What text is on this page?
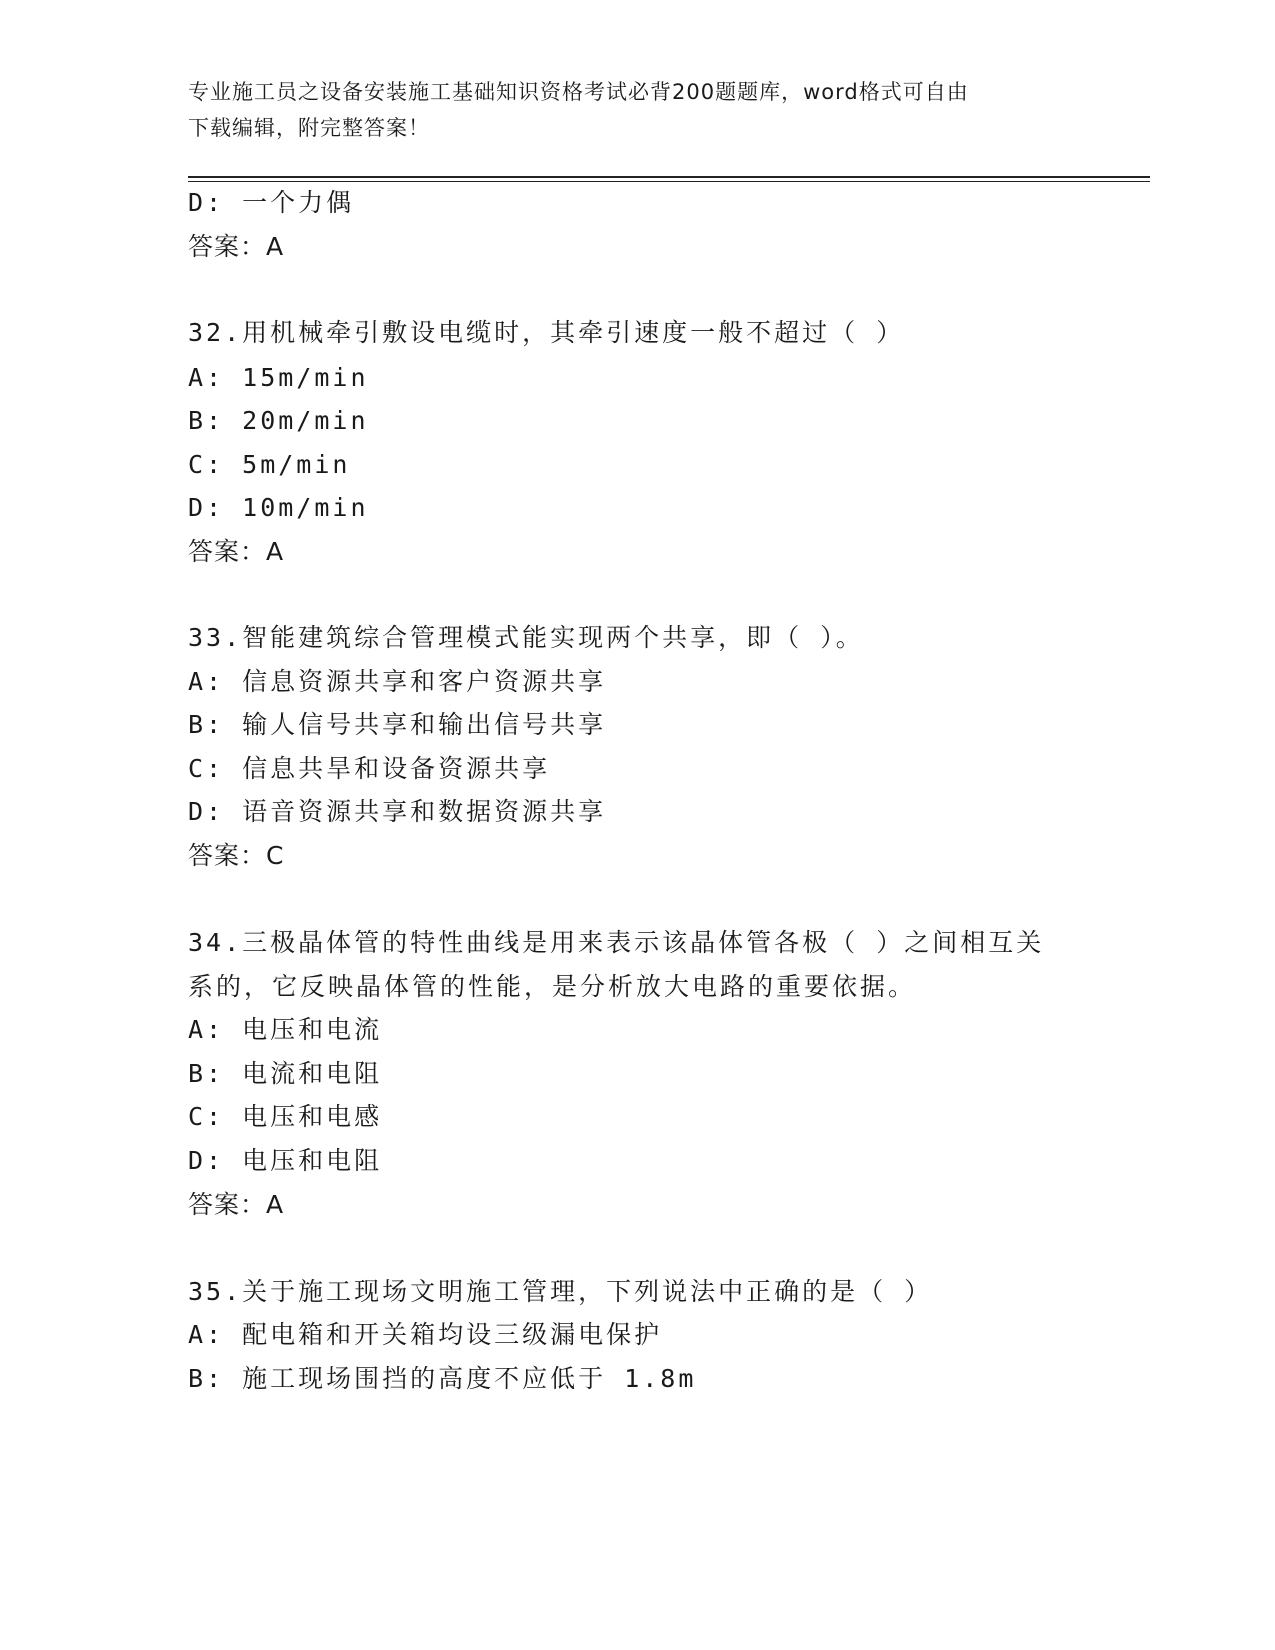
专业施工员之设备安装施工基础知识资格考试必背200题题库，word格式可自由
下载编辑，附完整答案！
D: 一个力偶
答案：A
32.用机械牵引敷设电缆时，其牵引速度一般不超过（ ）
A: 15m/min
B: 20m/min
C: 5m/min
D: 10m/min
答案：A
33.智能建筑综合管理模式能实现两个共享，即（ ）。
A: 信息资源共享和客户资源共享
B: 输人信号共享和输出信号共享
C: 信息共旱和设备资源共享
D: 语音资源共享和数据资源共享
答案：C
34.三极晶体管的特性曲线是用来表示该晶体管各极（ ）之间相互关
系的，它反映晶体管的性能，是分析放大电路的重要依据。
A: 电压和电流
B: 电流和电阻
C: 电压和电感
D: 电压和电阻
答案：A
35.关于施工现场文明施工管理，下列说法中正确的是（ ）
A: 配电箱和开关箱均设三级漏电保护
B: 施工现场围挡的高度不应低于 1.8m
